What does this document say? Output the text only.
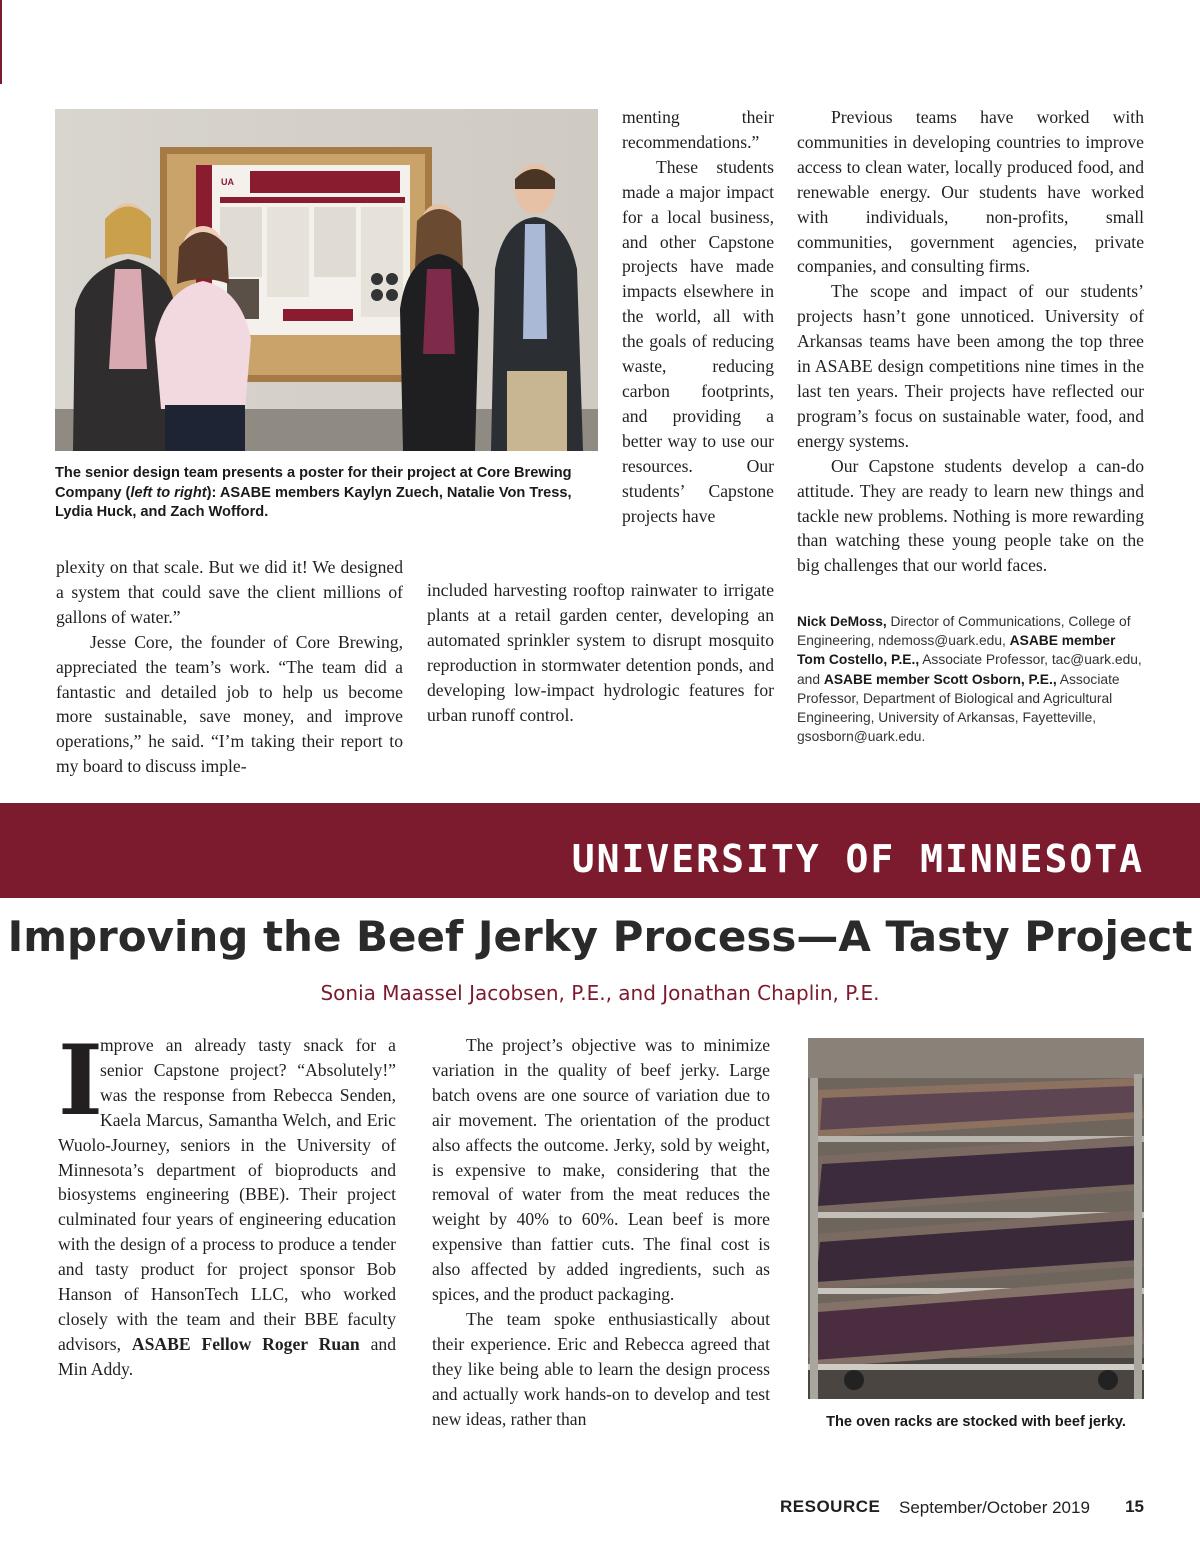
UA
The senior design team presents a poster for their project at Core Brewing Company (left to right): ASABE members Kaylyn Zuech, Natalie Von Tress, Lydia Huck, and Zach Wofford.

plexity on that scale. But we did it! We designed a system that could save the client millions of gallons of water.”

Jesse Core, the founder of Core Brewing, appreciated the team’s work. “The team did a fantastic and detailed job to help us become more sustainable, save money, and improve operations,” he said. “I’m taking their report to my board to discuss imple-

menting their recommendations.”

These students made a major impact for a local business, and other Capstone projects have made impacts elsewhere in the world, all with the goals of reducing waste, reducing carbon footprints, and providing a better way to use our resources. Our students’ Capstone projects have

included harvesting rooftop rainwater to irrigate plants at a retail garden center, developing an automated sprinkler system to disrupt mosquito reproduction in stormwater detention ponds, and developing low-impact hydrologic features for urban runoff control.

Previous teams have worked with communities in developing countries to improve access to clean water, locally produced food, and renewable energy. Our students have worked with individuals, non-profits, small communities, government agencies, private companies, and consulting firms.

The scope and impact of our students’ projects hasn’t gone unnoticed. University of Arkansas teams have been among the top three in ASABE design competitions nine times in the last ten years. Their projects have reflected our program’s focus on sustainable water, food, and energy systems.

Our Capstone students develop a can-do attitude. They are ready to learn new things and tackle new problems. Nothing is more rewarding than watching these young people take on the big challenges that our world faces.

Nick DeMoss, Director of Communications, College of Engineering, ndemoss@uark.edu, ASABE member Tom Costello, P.E., Associate Professor, tac@uark.edu, and ASABE member Scott Osborn, P.E., Associate Professor, Department of Biological and Agricultural Engineering, University of Arkansas, Fayetteville, gsosborn@uark.edu.
UNIVERSITY OF MINNESOTA
Improving the Beef Jerky Process—A Tasty Project
Sonia Maassel Jacobsen, P.E., and Jonathan Chaplin, P.E.
I
mprove an already tasty snack for a senior Capstone project? “Absolutely!” was the response from Rebecca Senden, Kaela Marcus, Samantha Welch, and Eric Wuolo-Journey, seniors in the University of Minnesota’s department of bioproducts and biosystems engineering (BBE). Their project culminated four years of engineering education with the design of a process to produce a tender and tasty product for project sponsor Bob Hanson of HansonTech LLC, who worked closely with the team and their BBE faculty advisors, ASABE Fellow Roger Ruan and Min Addy.

The project’s objective was to minimize variation in the quality of beef jerky. Large batch ovens are one source of variation due to air movement. The orientation of the product also affects the outcome. Jerky, sold by weight, is expensive to make, considering that the removal of water from the meat reduces the weight by 40% to 60%. Lean beef is more expensive than fattier cuts. The final cost is also affected by added ingredients, such as spices, and the product packaging.

The team spoke enthusiastically about their experience. Eric and Rebecca agreed that they like being able to learn the design process and actually work hands-on to develop and test new ideas, rather than	The oven racks are stocked with beef jerky.
RESOURCE September/October 2019 15
